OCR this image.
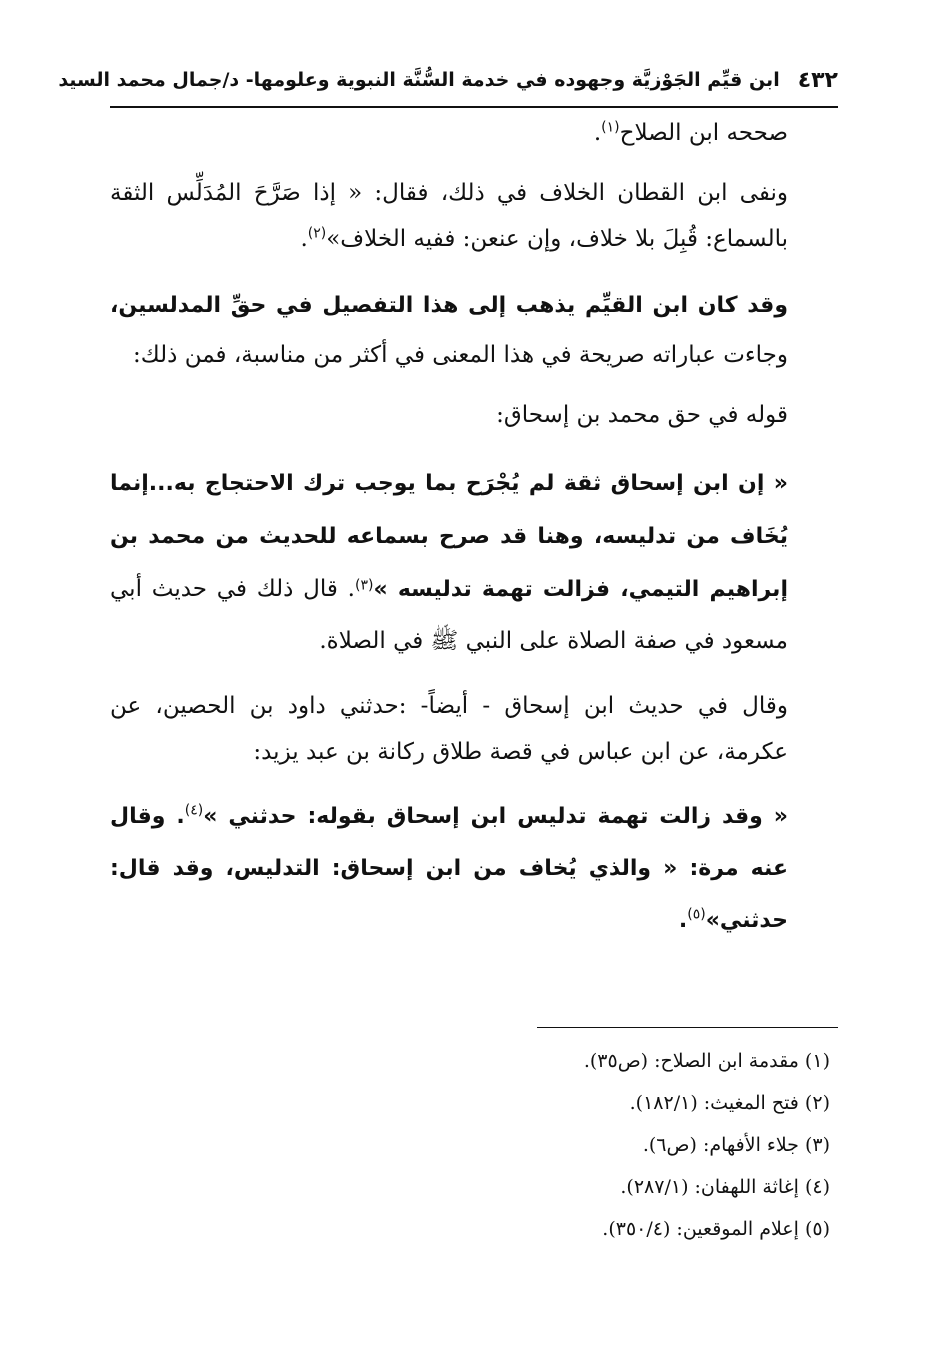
٤٣٢
ابن قيِّم الجَوْزيَّة وجهوده في خدمة السُّنَّة النبوية وعلومها- د/جمال محمد السيد

صححه ابن الصلاح$^{(١)}$.

ونفى ابن القطان الخلاف في ذلك، فقال: « إذا صَرَّحَ المُدَلِّس الثقة بالسماع: قُبِلَ بلا خلاف، وإن عنعن: ففيه الخلاف»$^{(٢)}$.

وقد كان ابن القيِّم يذهب إلى هذا التفصيل في حقِّ المدلسين، وجاءت عباراته صريحة في هذا المعنى في أكثر من مناسبة، فمن ذلك:

قوله في حق محمد بن إسحاق:

« إن ابن إسحاق ثقة لم يُجْرَح بما يوجب ترك الاحتجاج به...إنما يُخَاف من تدليسه، وهنا قد صرح بسماعه للحديث من محمد بن إبراهيم التيمي، فزالت تهمة تدليسه »$^{(٣)}$. قال ذلك في حديث أبي مسعود في صفة الصلاة على النبي ﷺ في الصلاة.

وقال في حديث ابن إسحاق - أيضاً- :حدثني داود بن الحصين، عن عكرمة، عن ابن عباس في قصة طلاق ركانة بن عبد يزيد:

« وقد زالت تهمة تدليس ابن إسحاق بقوله: حدثني »$^{(٤)}$. وقال عنه مرة: « والذي يُخاف من ابن إسحاق: التدليس، وقد قال: حدثني»$^{(٥)}$.

(١) مقدمة ابن الصلاح: (ص٣٥).
(٢) فتح المغيث: (١٨٢/١).
(٣) جلاء الأفهام: (ص٦).
(٤) إغاثة اللهفان: (٢٨٧/١).
(٥) إعلام الموقعين: (٣٥٠/٤).
